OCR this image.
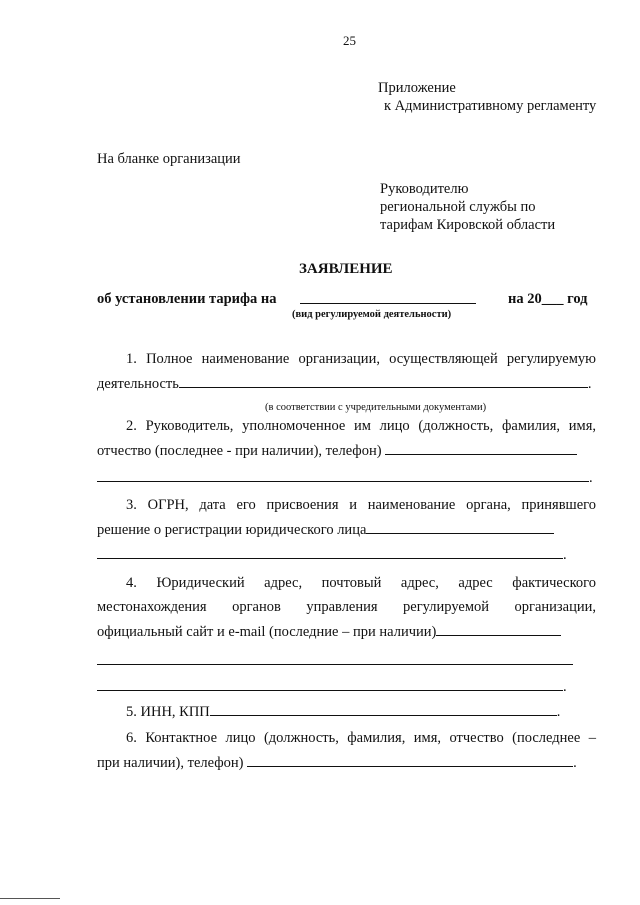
25
Приложение
к Административному регламенту
На бланке организации
Руководителю
региональной службы по
тарифам Кировской области
ЗАЯВЛЕНИЕ
об установлении тарифа на	на 20___ год
(вид регулируемой деятельности)
1. Полное наименование организации, осуществляющей регулируемую
деятельность	.
(в соответствии с учредительными документами)
2. Руководитель, уполномоченное им лицо (должность, фамилия, имя,
отчество (последнее - при наличии), телефон)
.
3. ОГРН, дата его присвоения и наименование органа, принявшего
решение о регистрации юридического лица
.
4. Юридический адрес, почтовый адрес, адрес фактического
местонахождения органов управления регулируемой организации,
официальный сайт и e-mail (последние – при наличии)
.
5. ИНН, КПП	.
6. Контактное лицо (должность, фамилия, имя, отчество (последнее –
при наличии), телефон)	.
